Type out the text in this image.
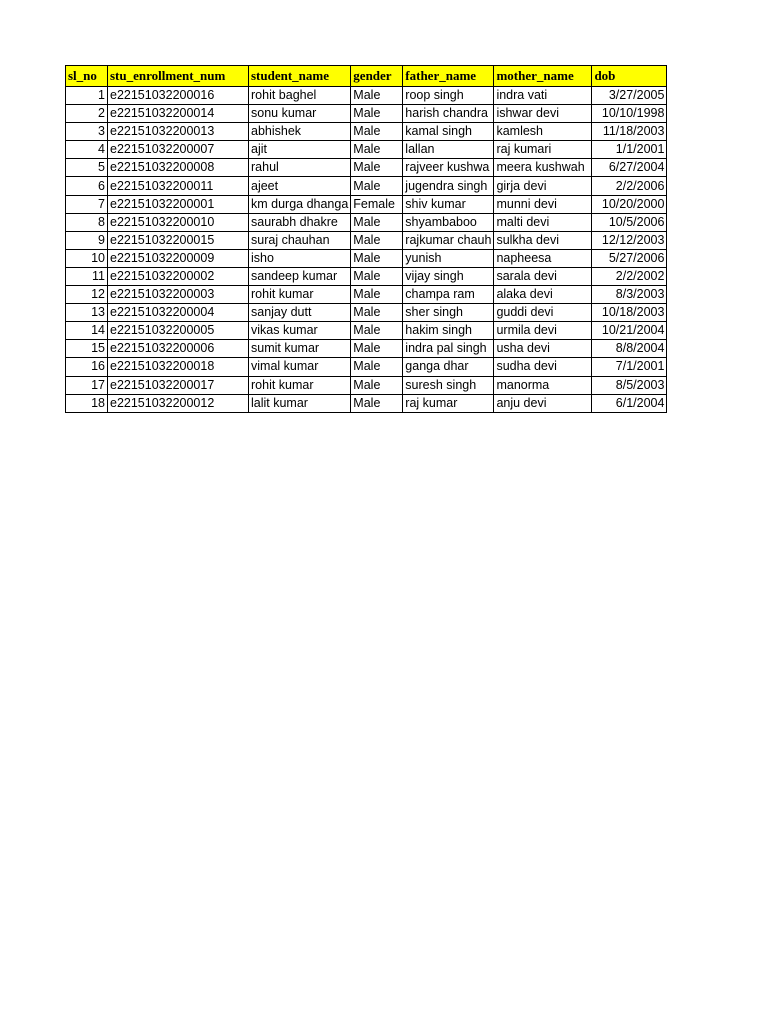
sl_no	stu_enrollment_num	student_name	gender	father_name	mother_name	dob
1	e22151032200016	rohit baghel	Male	roop singh	indra vati	3/27/2005
2	e22151032200014	sonu kumar	Male	harish chandra	ishwar devi	10/10/1998
3	e22151032200013	abhishek	Male	kamal singh	kamlesh	11/18/2003
4	e22151032200007	ajit	Male	lallan	raj kumari	1/1/2001
5	e22151032200008	rahul	Male	rajveer kushwa	meera kushwah	6/27/2004
6	e22151032200011	ajeet	Male	jugendra singh	girja devi	2/2/2006
7	e22151032200001	km durga dhanga	Female	shiv kumar	munni devi	10/20/2000
8	e22151032200010	saurabh dhakre	Male	shyambaboo	malti devi	10/5/2006
9	e22151032200015	suraj chauhan	Male	rajkumar chauh	sulkha devi	12/12/2003
10	e22151032200009	isho	Male	yunish	napheesa	5/27/2006
11	e22151032200002	sandeep kumar	Male	vijay singh	sarala devi	2/2/2002
12	e22151032200003	rohit kumar	Male	champa ram	alaka devi	8/3/2003
13	e22151032200004	sanjay dutt	Male	sher singh	guddi devi	10/18/2003
14	e22151032200005	vikas kumar	Male	hakim singh	urmila devi	10/21/2004
15	e22151032200006	sumit kumar	Male	indra pal singh	usha devi	8/8/2004
16	e22151032200018	vimal kumar	Male	ganga dhar	sudha devi	7/1/2001
17	e22151032200017	rohit kumar	Male	suresh singh	manorma	8/5/2003
18	e22151032200012	lalit kumar	Male	raj kumar	anju devi	6/1/2004
